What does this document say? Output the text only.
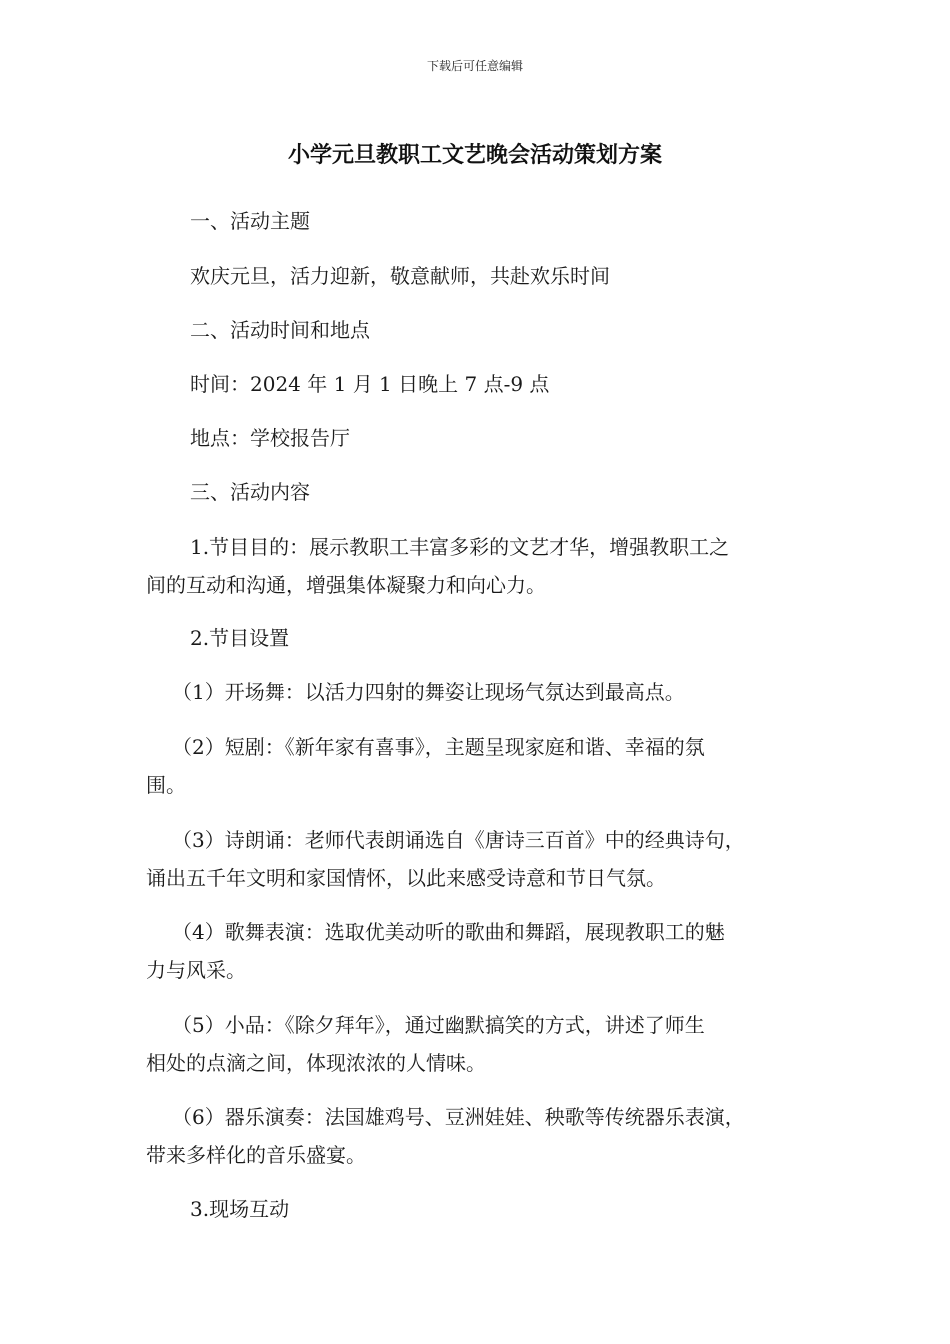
下载后可任意编辑
小学元旦教职工文艺晚会活动策划方案
一、活动主题
欢庆元旦，活力迎新，敬意献师，共赴欢乐时间
二、活动时间和地点
时间：2024 年 1 月 1 日晚上 7 点-9 点
地点：学校报告厅
三、活动内容
1.节目目的：展示教职工丰富多彩的文艺才华，增强教职工之
间的互动和沟通，增强集体凝聚力和向心力。
2.节目设置
（1）开场舞：以活力四射的舞姿让现场气氛达到最高点。
（2）短剧：《新年家有喜事》，主题呈现家庭和谐、幸福的氛
围。
（3）诗朗诵：老师代表朗诵选自《唐诗三百首》中的经典诗句，
诵出五千年文明和家国情怀，以此来感受诗意和节日气氛。
（4）歌舞表演：选取优美动听的歌曲和舞蹈，展现教职工的魅
力与风采。
（5）小品：《除夕拜年》，通过幽默搞笑的方式，讲述了师生
相处的点滴之间，体现浓浓的人情味。
（6）器乐演奏：法国雄鸡号、豆洲娃娃、秧歌等传统器乐表演，
带来多样化的音乐盛宴。
3.现场互动
